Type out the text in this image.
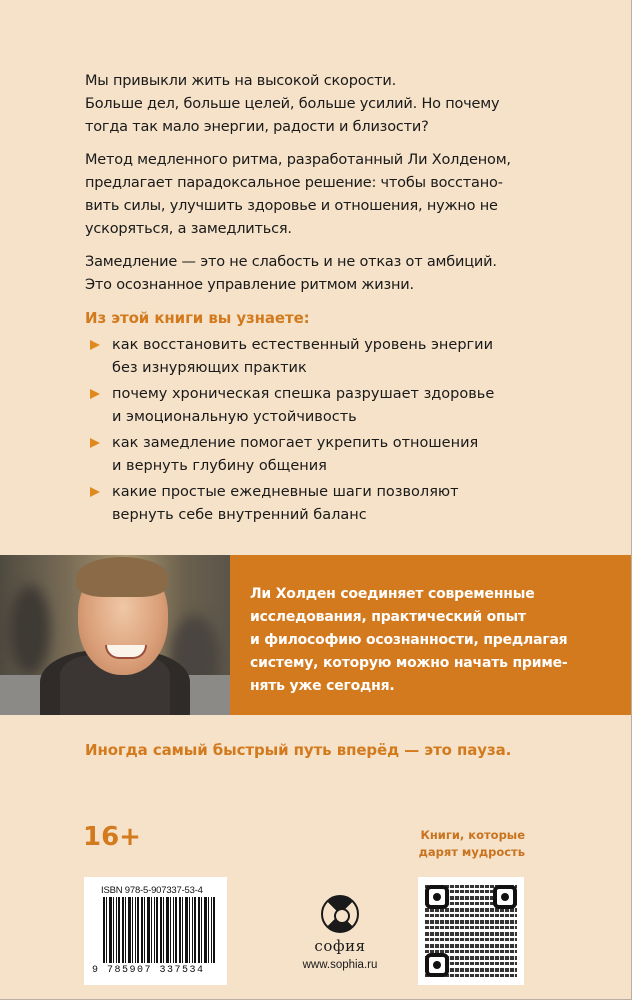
Мы привыкли жить на высокой скорости.
Больше дел, больше целей, больше усилий. Но почему
тогда так мало энергии, радости и близости?

Метод медленного ритма, разработанный Ли Холденом,
предлагает парадоксальное решение: чтобы восстано-
вить силы, улучшить здоровье и отношения, нужно не
ускоряться, а замедлиться.

Замедление — это не слабость и не отказ от амбиций.
Это осознанное управление ритмом жизни.

Из этой книги вы узнаете:
как восстановить естественный уровень энергии
без изнуряющих практик
почему хроническая спешка разрушает здоровье
и эмоциональную устойчивость
как замедление помогает укрепить отношения
и вернуть глубину общения
какие простые ежедневные шаги позволяют
вернуть себе внутренний баланс
Ли Холден соединяет современные
исследования, практический опыт
и философию осознанности, предлагая
систему, которую можно начать приме-
нять уже сегодня.
Иногда самый быстрый путь вперёд — это пауза.
16+	Книги, которые
дарят мудрость
ISBN 978-5-907337-53-4
9 785907 337534
софия
www.sophia.ru
